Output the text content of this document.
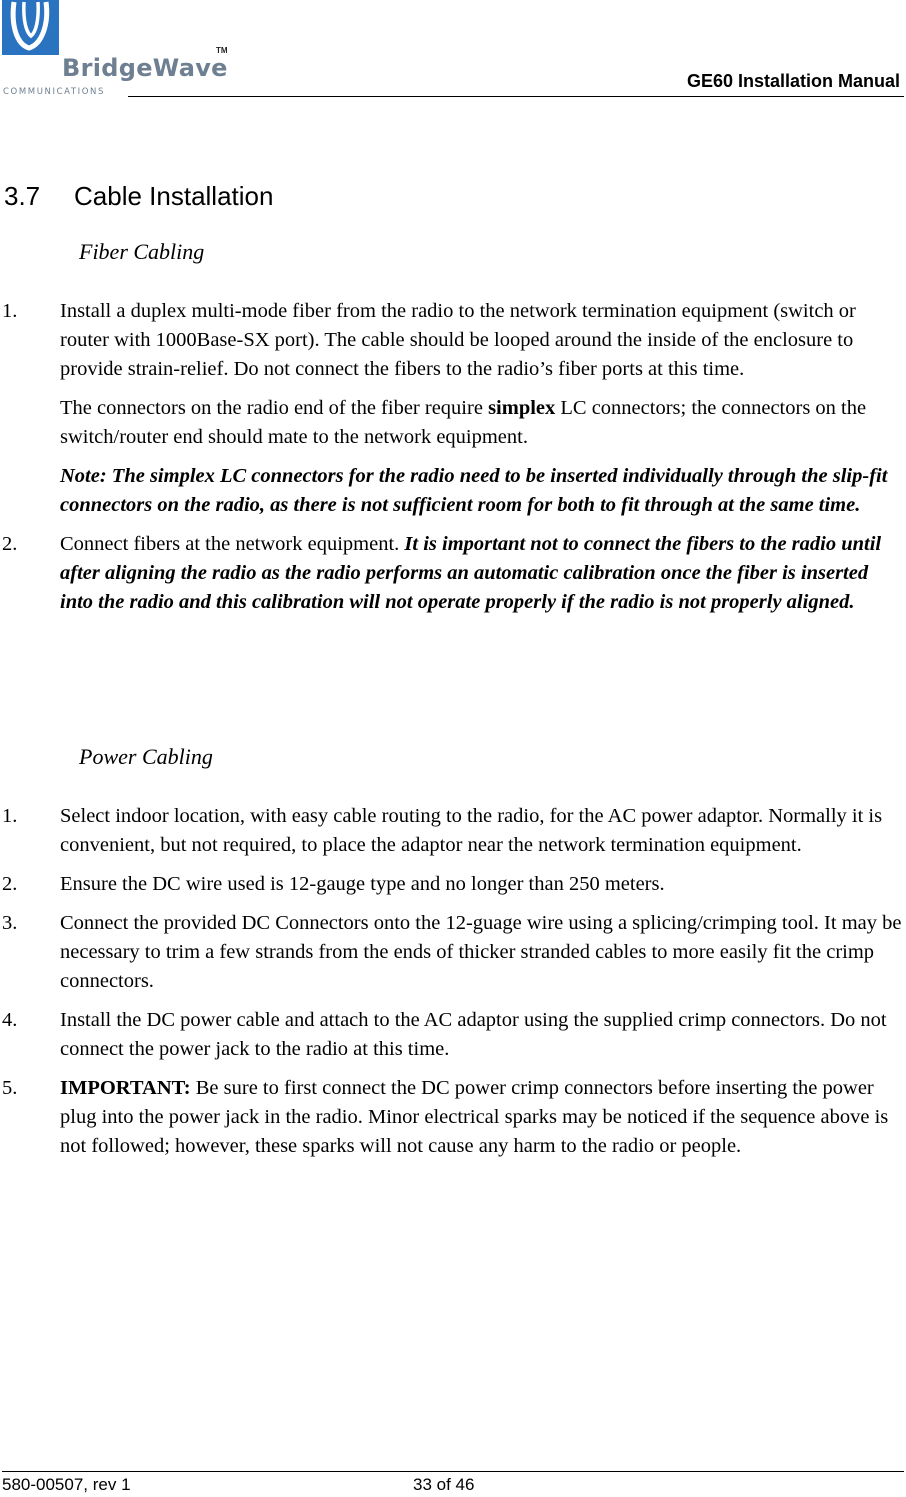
BridgeWave
TM
COMMUNICATIONS
GE60 Installation Manual
3.7 Cable Installation
Fiber Cabling
1. Install a duplex multi-mode fiber from the radio to the network termination equipment (switch or router with 1000Base-SX port). The cable should be looped around the inside of the enclosure to provide strain-relief. Do not connect the fibers to the radio’s fiber ports at this time.

The connectors on the radio end of the fiber require simplex LC connectors; the connectors on the switch/router end should mate to the network equipment.

Note: The simplex LC connectors for the radio need to be inserted individually through the slip-fit connectors on the radio, as there is not sufficient room for both to fit through at the same time.

2. Connect fibers at the network equipment. It is important not to connect the fibers to the radio until after aligning the radio as the radio performs an automatic calibration once the fiber is inserted into the radio and this calibration will not operate properly if the radio is not properly aligned.

Power Cabling
1. Select indoor location, with easy cable routing to the radio, for the AC power adaptor. Normally it is convenient, but not required, to place the adaptor near the network termination equipment.

2. Ensure the DC wire used is 12-gauge type and no longer than 250 meters.

3. Connect the provided DC Connectors onto the 12-guage wire using a splicing/crimping tool. It may be necessary to trim a few strands from the ends of thicker stranded cables to more easily fit the crimp connectors.

4. Install the DC power cable and attach to the AC adaptor using the supplied crimp connectors. Do not connect the power jack to the radio at this time.

5. IMPORTANT: Be sure to first connect the DC power crimp connectors before inserting the power plug into the power jack in the radio. Minor electrical sparks may be noticed if the sequence above is not followed; however, these sparks will not cause any harm to the radio or people.

580-00507, rev 1	33 of 46
